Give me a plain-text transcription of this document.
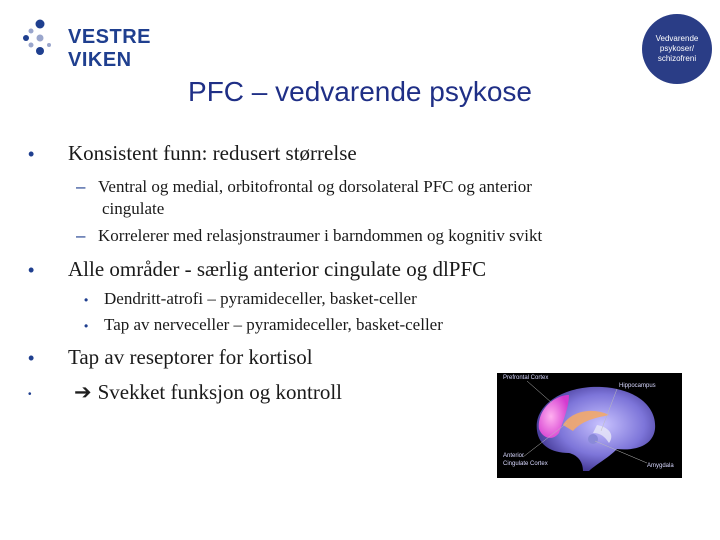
VESTRE VIKEN
Vedvarende
psykoser/
schizofreni
PFC – vedvarende psykose
• Konsistent funn: redusert størrelse
– Ventral og medial, orbitofrontal og dorsolateral PFC og anterior
cingulate
– Korrelerer med relasjonstraumer i barndommen og kognitiv svikt
• Alle områder - særlig anterior cingulate og dlPFC
• Dendritt-atrofi – pyramideceller, basket-celler
• Tap av nerveceller – pyramideceller, basket-celler
• Tap av reseptorer for kortisol
• ➔ Svekket funksjon og kontroll
Prefrontal Cortex
Hippocampus
Anterior
Cingulate Cortex	Amygdala
